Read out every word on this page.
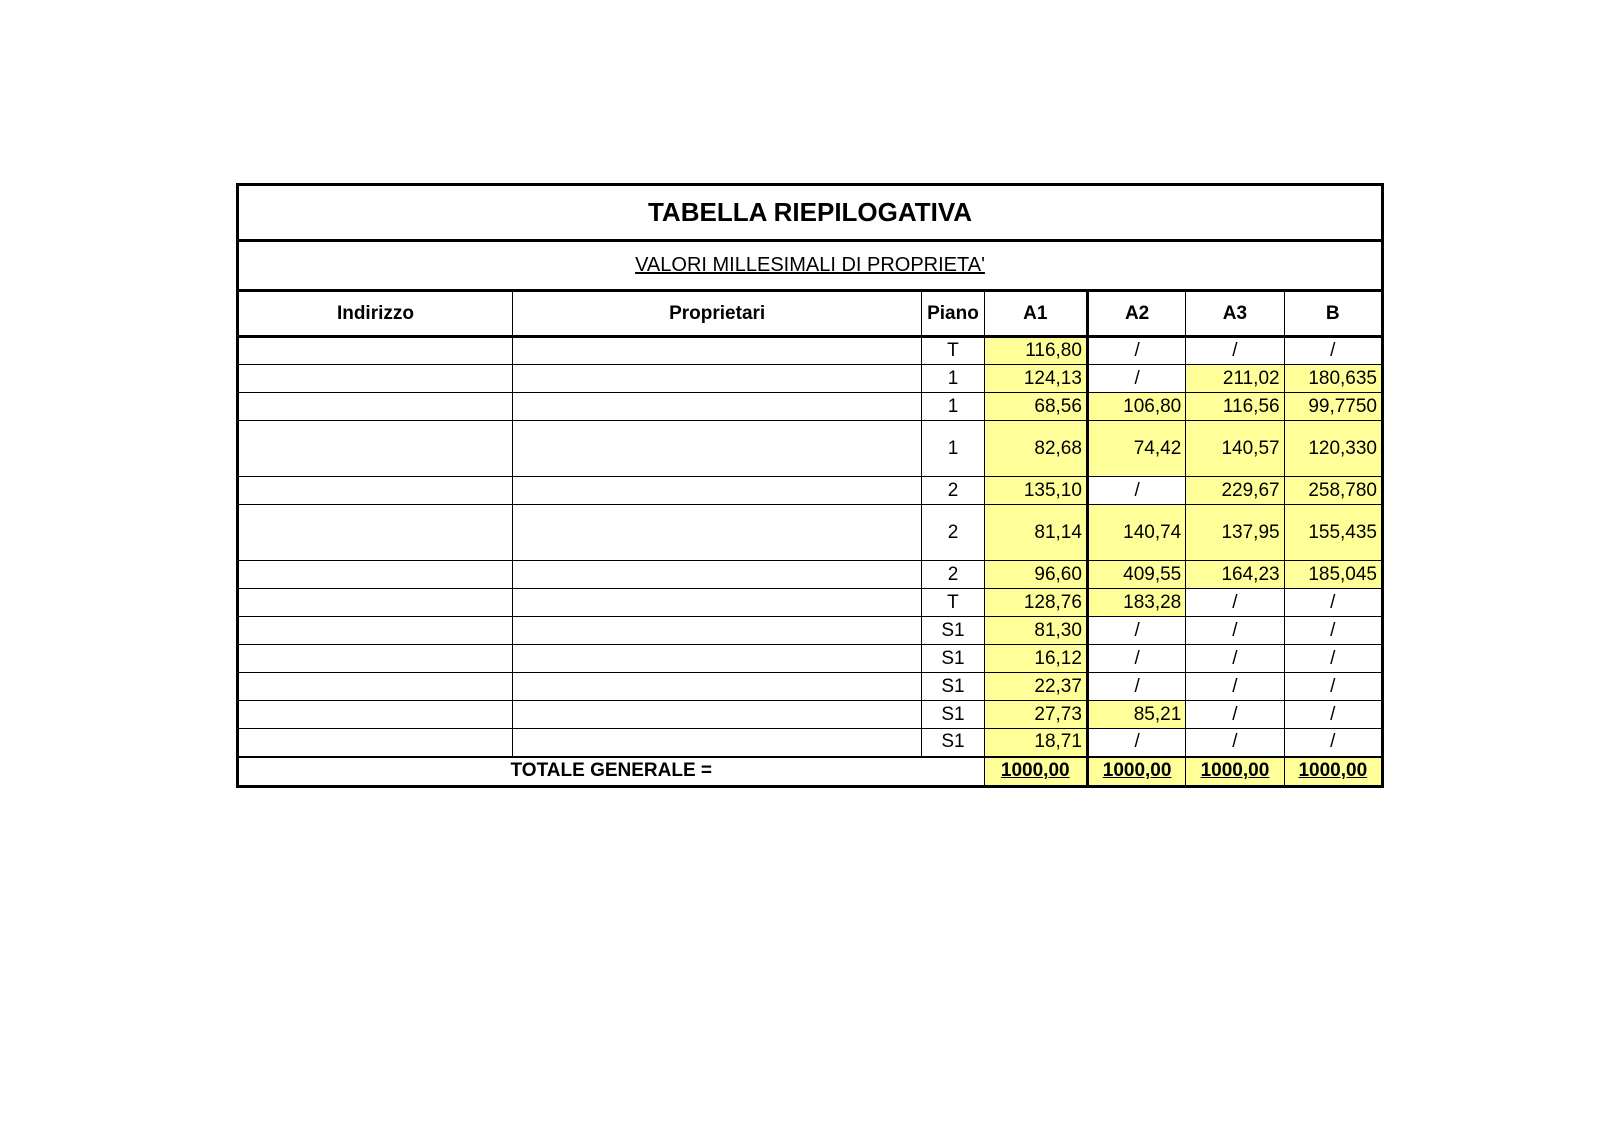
TABELLA RIEPILOGATIVA						
VALORI MILLESIMALI DI PROPRIETA'						
Indirizzo	Proprietari	Piano	A1	A2	A3	B
		T	116,80	/	/	/
		1	124,13	/	211,02	180,635
		1	68,56	106,80	116,56	99,7750
		1	82,68	74,42	140,57	120,330
		2	135,10	/	229,67	258,780
		2	81,14	140,74	137,95	155,435
		2	96,60	409,55	164,23	185,045
		T	128,76	183,28	/	/
		S1	81,30	/	/	/
		S1	16,12	/	/	/
		S1	22,37	/	/	/
		S1	27,73	85,21	/	/
		S1	18,71	/	/	/
TOTALE GENERALE =			1000,00	1000,00	1000,00	1000,00
